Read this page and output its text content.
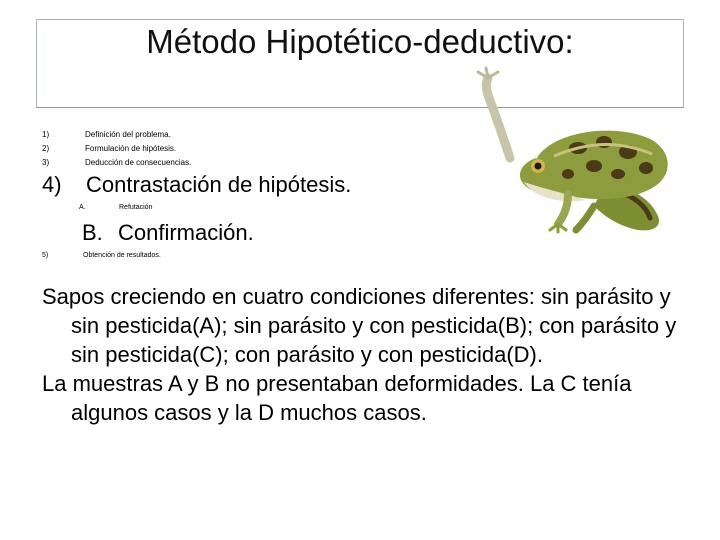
Método Hipotético-deductivo:
1)	Definición del problema.
2)	Formulación de hipótesis.
3)	Deducción de consecuencias.
4) Contrastación de hipótesis.
A.	Refutación
B. Confirmación.
5)	Obtención de resultados.

Sapos creciendo en cuatro condiciones diferentes: sin parásito y sin pesticida(A); sin parásito y con pesticida(B); con parásito y sin pesticida(C); con parásito y con pesticida(D).

La muestras A y B no presentaban deformidades. La C tenía algunos casos y la D muchos casos.
